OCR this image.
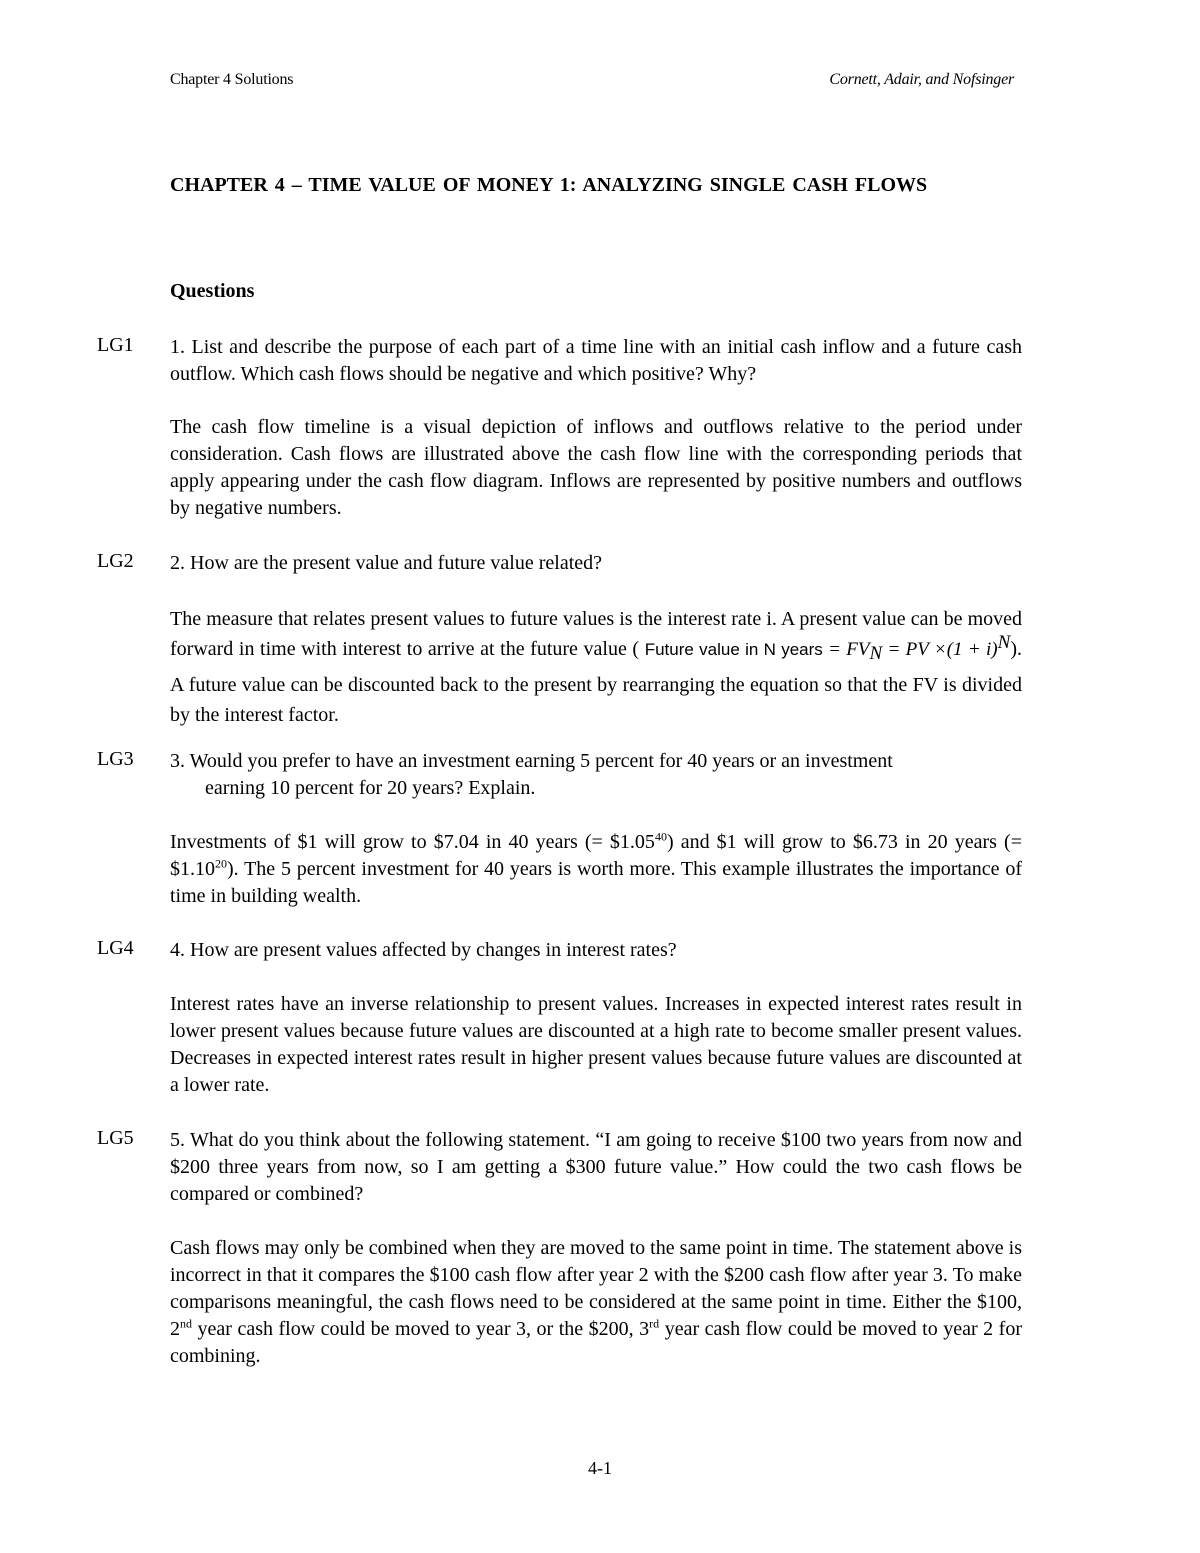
Chapter 4 Solutions	Cornett, Adair, and Nofsinger
CHAPTER 4 – TIME VALUE OF MONEY 1: ANALYZING SINGLE CASH FLOWS
Questions
LG1 1. List and describe the purpose of each part of a time line with an initial cash inflow and a future cash outflow. Which cash flows should be negative and which positive? Why?

The cash flow timeline is a visual depiction of inflows and outflows relative to the period under consideration. Cash flows are illustrated above the cash flow line with the corresponding periods that apply appearing under the cash flow diagram. Inflows are represented by positive numbers and outflows by negative numbers.

LG2 2. How are the present value and future value related?

The measure that relates present values to future values is the interest rate i. A present value can be moved forward in time with interest to arrive at the future value ( Future value in N years = $FV_N$ = PV $\times(1 + i)^N$). A future value can be discounted back to the present by rearranging the equation so that the FV is divided by the interest factor.

LG3 3. Would you prefer to have an investment earning 5 percent for 40 years or an investment

earning 10 percent for 20 years? Explain.

Investments of $1 will grow to $7.04 in 40 years (= $\$1.05^{40}$) and $1 will grow to $6.73 in 20 years (= $\$1.10^{20}$). The 5 percent investment for 40 years is worth more. This example illustrates the importance of time in building wealth.

LG4 4. How are present values affected by changes in interest rates?

Interest rates have an inverse relationship to present values. Increases in expected interest rates result in lower present values because future values are discounted at a high rate to become smaller present values. Decreases in expected interest rates result in higher present values because future values are discounted at a lower rate.

LG5 5. What do you think about the following statement. “I am going to receive $100 two years from now and $200 three years from now, so I am getting a $300 future value.” How could the two cash flows be compared or combined?

Cash flows may only be combined when they are moved to the same point in time. The statement above is incorrect in that it compares the $100 cash flow after year 2 with the $200 cash flow after year 3. To make comparisons meaningful, the cash flows need to be considered at the same point in time. Either the $100, 2nd year cash flow could be moved to year 3, or the $200, 3rd year cash flow could be moved to year 2 for combining.

4-1
